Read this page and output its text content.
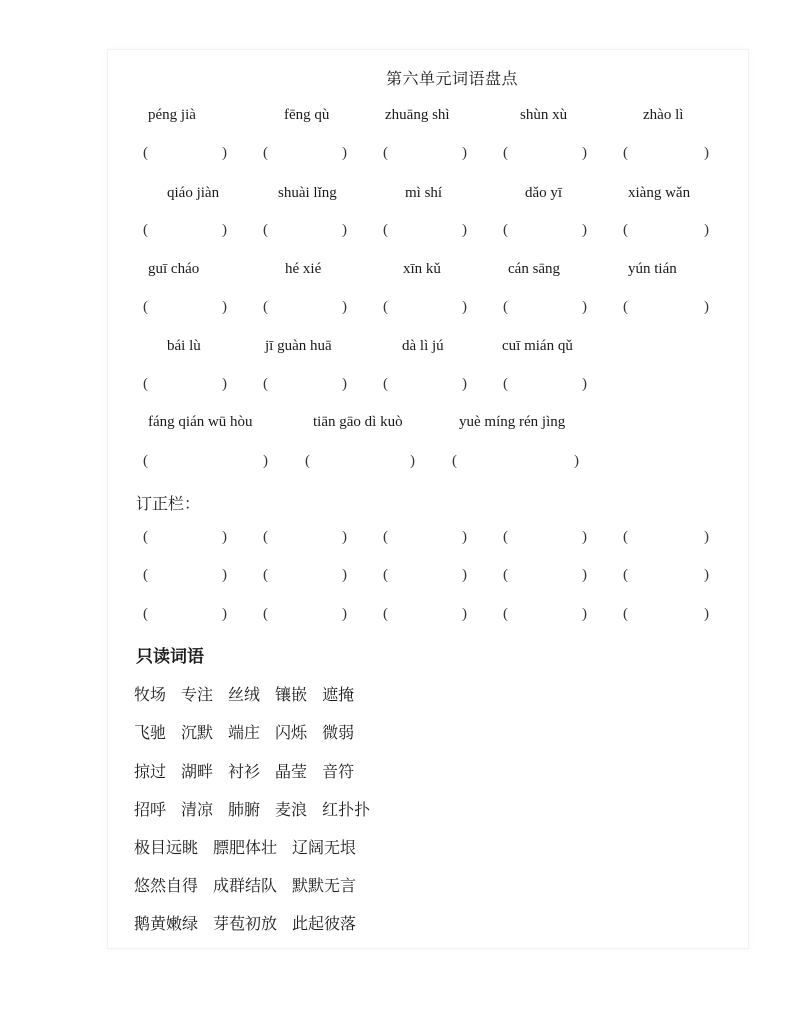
第六单元词语盘点
péng jià	fēng qù	zhuāng shì	shùn xù	zhào lì
(	) (	) (	) (	) (	)
qiáo jiàn	shuài lǐng	mì shí	dǎo yī	xiàng wǎn
(	) (	) (	) (	) (	)
guī cháo	hé xié	xīn kǔ	cán sāng	yún tián
(	) (	) (	) (	) (	)
bái lù	jī guàn huā	dà lì jú	cuī mián qǔ
(	) (	) (	) (	)
fáng qián wū hòu	tiān gāo dì kuò	yuè míng rén jìng
(	) (	) (	)
订正栏：
(	) (	) (	) (	) (	)
(	) (	) (	) (	) (	)
(	) (	) (	) (	) (	)
只读词语
牧场 专注 丝绒 镶嵌 遮掩
飞驰 沉默 端庄 闪烁 微弱
掠过 湖畔 衬衫 晶莹 音符
招呼 清凉 肺腑 麦浪 红扑扑
极目远眺 膘肥体壮 辽阔无垠
悠然自得 成群结队 默默无言
鹅黄嫩绿 芽苞初放 此起彼落
